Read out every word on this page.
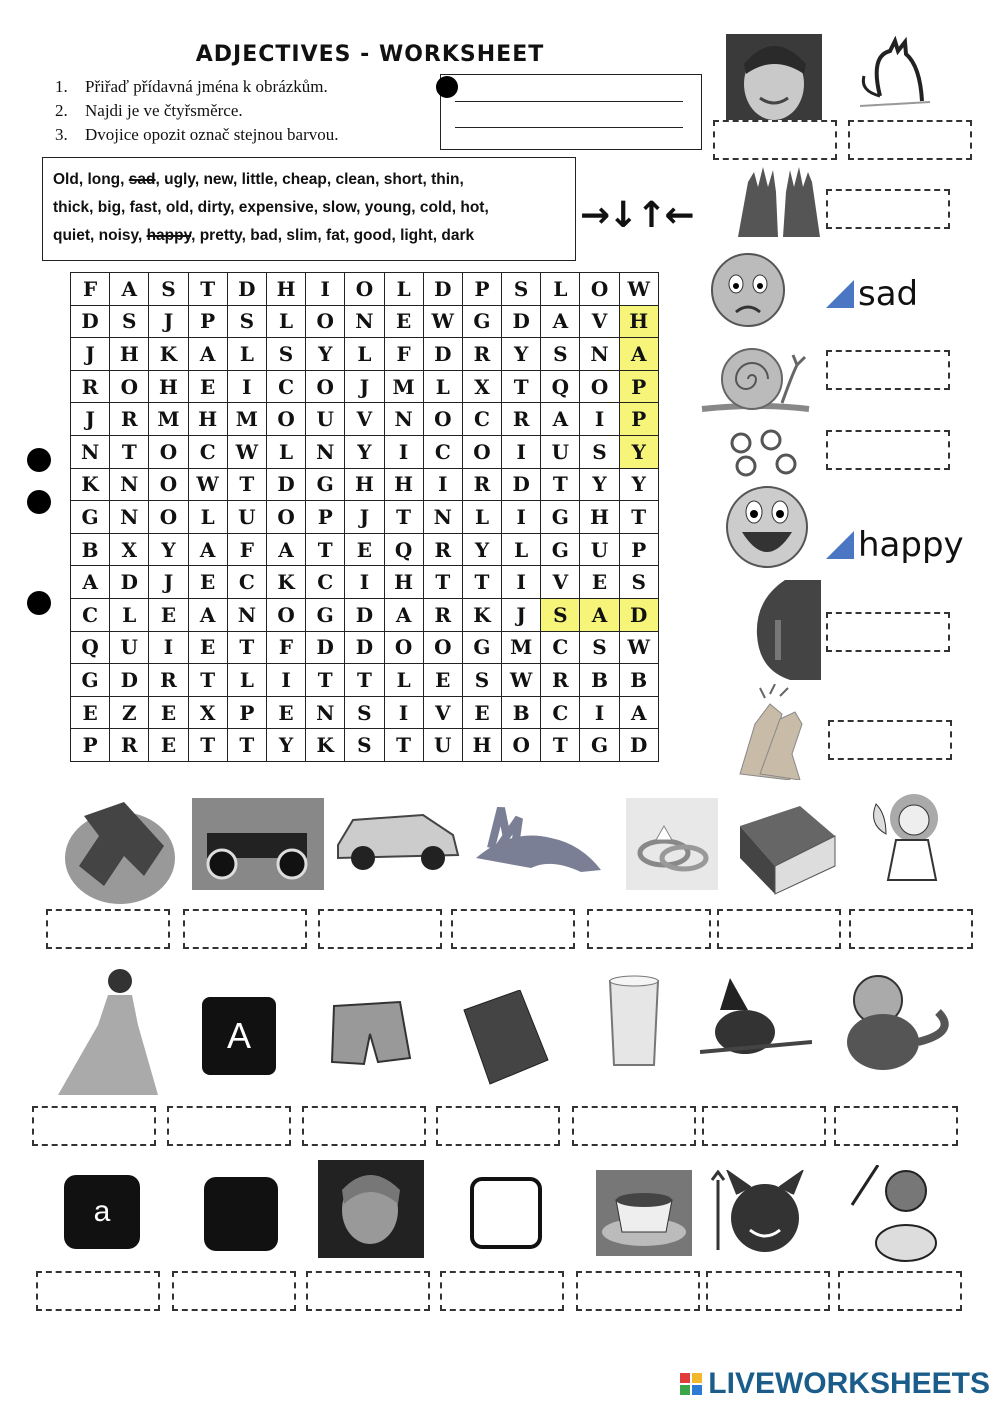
ADJECTIVES - WORKSHEET
1. Přiřaď přídavná jména k obrázkům.
2. Najdi je ve čtyřsměrce.
3. Dvojice opozit označ stejnou barvou.
Old, long, sad, ugly, new, little, cheap, clean, short, thin,
thick, big, fast, old, dirty, expensive, slow, young, cold, hot,
quiet, noisy, happy, pretty, bad, slim, fat, good, light, dark	→↓↑←
F	A	S	T	D	H	I	O	L	D	P	S	L	O	W
D	S	J	P	S	L	O	N	E	W	G	D	A	V	H
J	H	K	A	L	S	Y	L	F	D	R	Y	S	N	A
R	O	H	E	I	C	O	J	M	L	X	T	Q	O	P
J	R	M	H	M	O	U	V	N	O	C	R	A	I	P
N	T	O	C	W	L	N	Y	I	C	O	I	U	S	Y
K	N	O	W	T	D	G	H	H	I	R	D	T	Y	Y
G	N	O	L	U	O	P	J	T	N	L	I	G	H	T
B	X	Y	A	F	A	T	E	Q	R	Y	L	G	U	P
A	D	J	E	C	K	C	I	H	T	T	I	V	E	S
C	L	E	A	N	O	G	D	A	R	K	J	S	A	D
Q	U	I	E	T	F	D	D	O	O	G	M	C	S	W
G	D	R	T	L	I	T	T	L	E	S	W	R	B	B
E	Z	E	X	P	E	N	S	I	V	E	B	C	I	A
P	R	E	T	T	Y	K	S	T	U	H	O	T	G	D
sad
happy
A
a
LIVEWORKSHEETS
